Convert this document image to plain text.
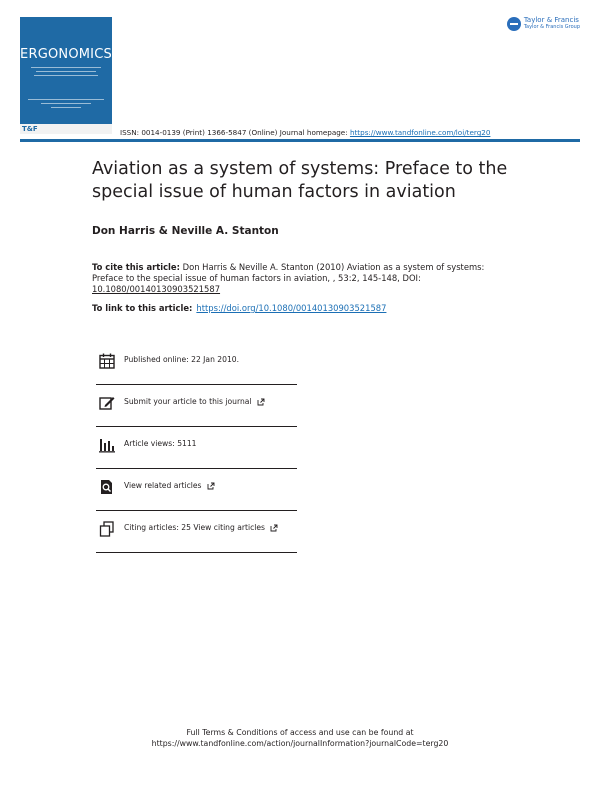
ERGONOMICS
T&F
Taylor & Francis
Taylor & Francis Group
ISSN: 0014-0139 (Print) 1366-5847 (Online) Journal homepage: https://www.tandfonline.com/loi/terg20
Aviation as a system of systems: Preface to the special issue of human factors in aviation
Don Harris & Neville A. Stanton
To cite this article: Don Harris & Neville A. Stanton (2010) Aviation as a system of systems: Preface to the special issue of human factors in aviation, , 53:2, 145-148, DOI: 10.1080/00140130903521587
To link to this article: https://doi.org/10.1080/00140130903521587
Published online: 22 Jan 2010.
Submit your article to this journal
Article views: 5111
View related articles
Citing articles: 25 View citing articles
Full Terms & Conditions of access and use can be found at
https://www.tandfonline.com/action/journalInformation?journalCode=terg20
